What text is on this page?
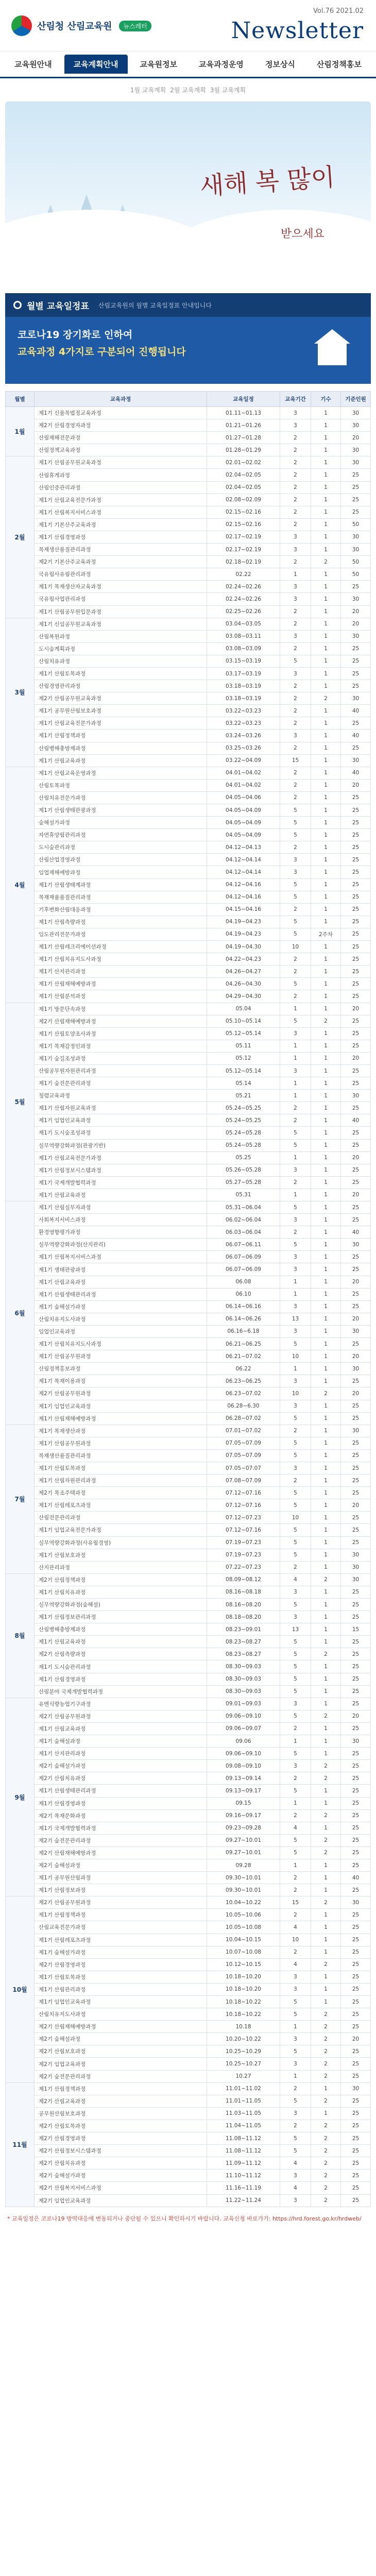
산림청 산림교육원	뉴스레터
Vol.76 2021.02
Newsletter
교육원안내	교육계획안내	교육원정보	교육과정운영	정보상식	산림정책홍보
1월 교육계획 2월 교육계획 3월 교육계획
새해 복 많이
받으세요
월별 교육일정표 산림교육원의 월별 교육일정표 안내입니다
코로나19 장기화로 인하여
교육과정 4가지로 구분되어 진행됩니다
월별	교육과정	교육일정	교육기간	기수	기준인원
1월	제1기 신품목법정교육과정	01.11~01.13	3	1	30
	제2기 산림경영자과정	01.21~01.26	3	1	30
	산림재해전문과정	01.27~01.28	2	1	20
	산림정책교육과정	01.28~01.29	2	1	30
2월	제1기 산림공무원교육과정	02.01~02.02	2	1	30
	산림휴게과정	02.04~02.05	2	1	25
	산림인증관리과정	02.04~02.05	2	1	25
	제1기 산림교육전문가과정	02.08~02.09	2	1	25
	제1기 산림복지서비스과정	02.15~02.16	2	1	25
	제1기 기본산주교육과정	02.15~02.16	2	1	50
	제1기 산림경영과정	02.17~02.19	3	1	30
	목재생산품질관리과정	02.17~02.19	3	1	30
	제2기 기본산주교육과정	02.18~02.19	2	2	50
	국유림사유림관리과정	02.22	1	1	50
	제1기 목재생산자교육과정	02.24~02.26	3	1	25
	국유림사업관리과정	02.24~02.26	3	1	30
	제1기 산림공무원입문과정	02.25~02.26	2	1	20
3월	제1기 신임공무원교육과정	03.04~03.05	2	1	20
	산림복원과정	03.08~03.11	3	1	30
	도시숲계획과정	03.08~03.09	2	1	25
	산림치유과정	03.15~03.19	5	1	25
	제1기 산림토목과정	03.17~03.19	3	1	25
	산림경영관리과정	03.18~03.19	2	1	25
	제2기 산림공무원교육과정	03.18~03.19	2	2	30
	제1기 공무원산림보호과정	03.22~03.23	2	1	40
	제1기 산림교육전문가과정	03.22~03.23	2	1	25
	제1기 산림정책과정	03.24~03.26	3	1	40
	산림병해충방제과정	03.25~03.26	2	1	25
	제1기 산림교육과정	03.22~04.09	15	1	30
4월	제1기 산림교육운영과정	04.01~04.02	2	1	40
	산림토목과정	04.01~04.02	2	1	20
	산림치유전문가과정	04.05~04.06	2	1	25
	제1기 산림생태관광과정	04.05~04.09	5	1	25
	숲해설가과정	04.05~04.09	5	1	25
	자연휴양림관리과정	04.05~04.09	5	1	25
	도시숲관리과정	04.12~04.13	2	1	25
	산림산업경영과정	04.12~04.14	3	1	25
	임업재해예방과정	04.12~04.14	3	1	25
	제1기 산림생태계과정	04.12~04.16	5	1	25
	목재재품품질관리과정	04.12~04.16	5	1	25
	기후변화산림대응과정	04.15~04.16	2	1	25
	제1기 산림측량과정	04.19~04.23	5	1	25
	임도관리전문가과정	04.19~04.23	5	2주차	25
	제1기 산림레크리에이션과정	04.19~04.30	10	1	25
	제1기 산림치유지도사과정	04.22~04.23	2	1	25
	제1기 산지관리과정	04.26~04.27	2	1	25
	제1기 산림재해예방과정	04.26~04.30	5	1	25
	제1기 산림분석과정	04.29~04.30	2	1	25
5월	제1기 방문단속과정	05.04	1	1	20
	제2기 산림재해예방과정	05.10~05.14	5	2	25
	제1기 산림토양조사과정	05.12~05.14	3	1	25
	제1기 목재감정인과정	05.11	1	1	25
	제1기 숲길조성과정	05.12	1	1	20
	산림공무원자원관리과정	05.12~05.14	3	1	25
	제1기 숲전문관리과정	05.14	1	1	25
	청렴교육과정	05.21	1	1	30
	제1기 산림자원교육과정	05.24~05.25	2	1	25
	제1기 임업인교육과정	05.24~05.25	2	1	40
	제1기 도시숲조성과정	05.24~05.28	5	1	25
	실무역량강화과정(관광기반)	05.24~05.28	5	1	25
	제1기 산림교육전문가과정	05.25	1	1	20
	제1기 산림정보시스템과정	05.26~05.28	3	1	25
	제1기 국제개발협력과정	05.27~05.28	2	1	25
	제1기 산림교육과정	05.31	1	1	20
6월	제1기 산림실무자과정	05.31~06.04	5	1	25
	사회복지서비스과정	06.02~06.04	3	1	25
	환경영향평가과정	06.03~06.04	2	1	40
	실무역량강화과정(산지관리)	06.07~06.11	5	1	30
	제1기 산림복지서비스과정	06.07~06.09	3	1	25
	제1기 생태관광과정	06.07~06.09	3	1	25
	제1기 산림교육과정	06.08	1	1	20
	제1기 산림생태관리과정	06.10	1	1	25
	제1기 숲해설가과정	06.14~06.16	3	1	25
	산림치유지도사과정	06.14~06.26	13	1	20
	임업인교육과정	06.16~6.18	3	1	30
	제1기 산림치유지도사과정	06.21~06.25	5	1	25
	제1기 산림공무원과정	06.21~07.02	10	1	20
	산림정책홍보과정	06.22	1	1	30
	제1기 목재이용과정	06.23~06.25	3	1	25
	제2기 산림공무원과정	06.23~07.02	10	2	20
	제1기 임업인교육과정	06.28~6.30	3	1	25
	제1기 산림재해예방과정	06.28~07.02	5	1	25
7월	제1기 목재생산과정	07.01~07.02	2	1	30
	제1기 산림공무원과정	07.05~07.09	5	1	25
	목재생산품질관리과정	07.05~07.09	5	1	25
	제1기 산림토목과정	07.05~07.07	3	1	25
	제1기 산림자원관리과정	07.08~07.09	2	1	25
	제2기 목조주택과정	07.12~07.16	5	1	25
	제1기 산림레포츠과정	07.12~07.16	5	1	20
	산림전문관리과정	07.12~07.23	10	1	25
	제1기 임업교육전문가과정	07.12~07.16	5	1	25
	실무역량강화과정(사유림경영)	07.19~07.23	5	1	25
	제1기 산림보호과정	07.19~07.23	5	1	30
	산지관리과정	07.22~07.23	2	1	30
8월	제2기 산림정책과정	08.09~08.12	4	2	30
	제1기 산림치유과정	08.16~08.18	3	1	25
	실무역량강화과정(숲해설)	08.16~08.20	5	1	25
	제1기 산림정보관리과정	08.18~08.20	3	1	25
	산림병해충방제과정	08.23~09.01	13	1	15
	제1기 산림교육과정	08.23~08.27	5	1	25
	제2기 산림측량과정	08.23~08.27	5	2	25
	제1기 도시숲관리과정	08.30~09.03	5	1	25
	제1기 산림경영과정	08.30~09.03	5	1	25
	산림분야 국제개발협력과정	08.30~09.03	5	1	25
9월	유엔식량농업기구과정	09.01~09.03	3	1	25
	제2기 산림공무원과정	09.06~09.10	5	2	20
	제1기 산림교육과정	09.06~09.07	2	1	25
	제1기 숲해설과정	09.06	1	1	30
	제1기 산지관리과정	09.06~09.10	5	1	25
	제2기 숲해설가과정	09.08~09.10	3	2	25
	제2기 산림치유과정	09.13~09.14	2	2	25
	제1기 산림생태관리과정	09.13~09.17	5	1	25
	제1기 산림경영과정	09.15	1	1	25
	제2기 목재문화과정	09.16~09.17	2	2	25
	제1기 국제개발협력과정	09.23~09.28	4	1	25
	제2기 숲전문관리과정	09.27~10.01	5	2	25
	제2기 산림재해예방과정	09.27~10.01	5	2	25
	제2기 숲해설과정	09.28	1	1	25
	제1기 공무원산림과정	09.30~10.01	2	1	40
	제1기 산림정보과정	09.30~10.01	2	1	25
10월	제2기 산림공무원과정	10.04~10.22	15	2	30
	제1기 산림정책과정	10.05~10.06	2	1	25
	산림교육전문가과정	10.05~10.08	4	1	25
	제1기 산림레포츠과정	10.04~10.15	10	1	25
	제1기 숲해설가과정	10.07~10.08	2	1	25
	제2기 산림경영과정	10.12~10.15	4	2	25
	제1기 산림토목과정	10.18~10.20	3	1	25
	제1기 산림관리과정	10.18~10.20	3	1	25
	제1기 임업인교육과정	10.18~10.22	5	1	25
	산림치유지도사과정	10.18~10.22	5	2	25
	제2기 산림재해예방과정	10.18	1	2	25
	제2기 숲해설과정	10.20~10.22	3	2	20
	제2기 산림보호과정	10.25~10.29	5	2	25
	제2기 임업교육과정	10.25~10.27	3	2	25
	제2기 숲전문관리과정	10.27	1	2	25
11월	제1기 산림정책과정	11.01~11.02	2	1	30
	제2기 산림교육과정	11.01~11.05	5	2	25
	공무원산림보호과정	11.03~11.05	3	1	25
	제2기 산림토목과정	11.04~11.05	2	2	25
	제2기 산림경영과정	11.08~11.12	5	2	25
	제2기 산림정보시스템과정	11.08~11.12	5	2	25
	제2기 산림치유과정	11.09~11.12	4	2	25
	제2기 숲해설가과정	11.10~11.12	3	2	25
	제2기 산림복지서비스과정	11.16~11.19	4	2	25
	제2기 임업인교육과정	11.22~11.24	3	2	25
* 교육일정은 코로나19 방역대응에 변동되거나 중단될 수 있으니 확인하시기 바랍니다. 교육신청 바로가기: https://hrd.forest.go.kr/hrdweb/
